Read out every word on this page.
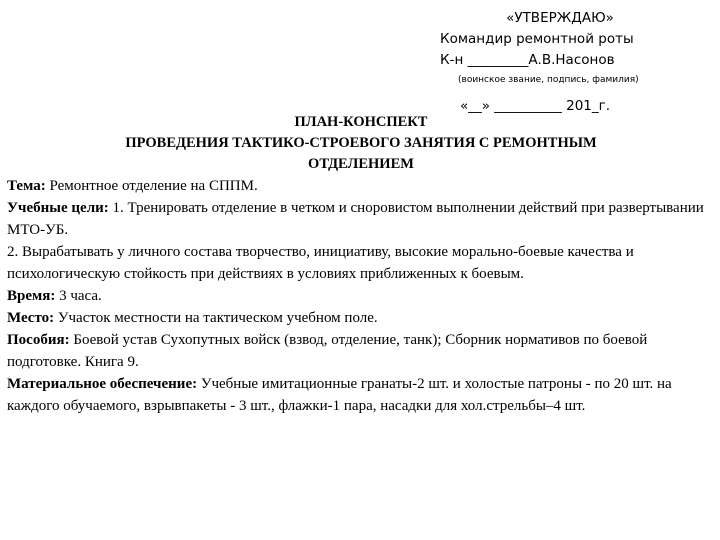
«УТВЕРЖДАЮ»
Командир ремонтной роты
К-н _________А.В.Насонов
(воинское звание, подпись, фамилия)
«__» __________ 201_г.
ПЛАН-КОНСПЕКТ
ПРОВЕДЕНИЯ ТАКТИКО-СТРОЕВОГО ЗАНЯТИЯ С РЕМОНТНЫМ
ОТДЕЛЕНИЕМ

Тема: Ремонтное отделение на СППМ.

Учебные цели: 1. Тренировать отделение в четком и сноровистом выполнении действий при развертывании МТО-УБ.

2. Вырабатывать у личного состава творчество, инициативу, высокие морально-боевые качества и психологическую стойкость при действиях в условиях приближенных к боевым.

Время: 3 часа.

Место: Участок местности на тактическом учебном поле.

Пособия: Боевой устав Сухопутных войск (взвод, отделение, танк); Сборник нормативов по боевой подготовке. Книга 9.

Материальное обеспечение: Учебные имитационные гранаты-2 шт. и холостые патроны - по 20 шт. на каждого обучаемого, взрывпакеты - 3 шт., флажки-1 пара, насадки для хол.стрельбы–4 шт.
